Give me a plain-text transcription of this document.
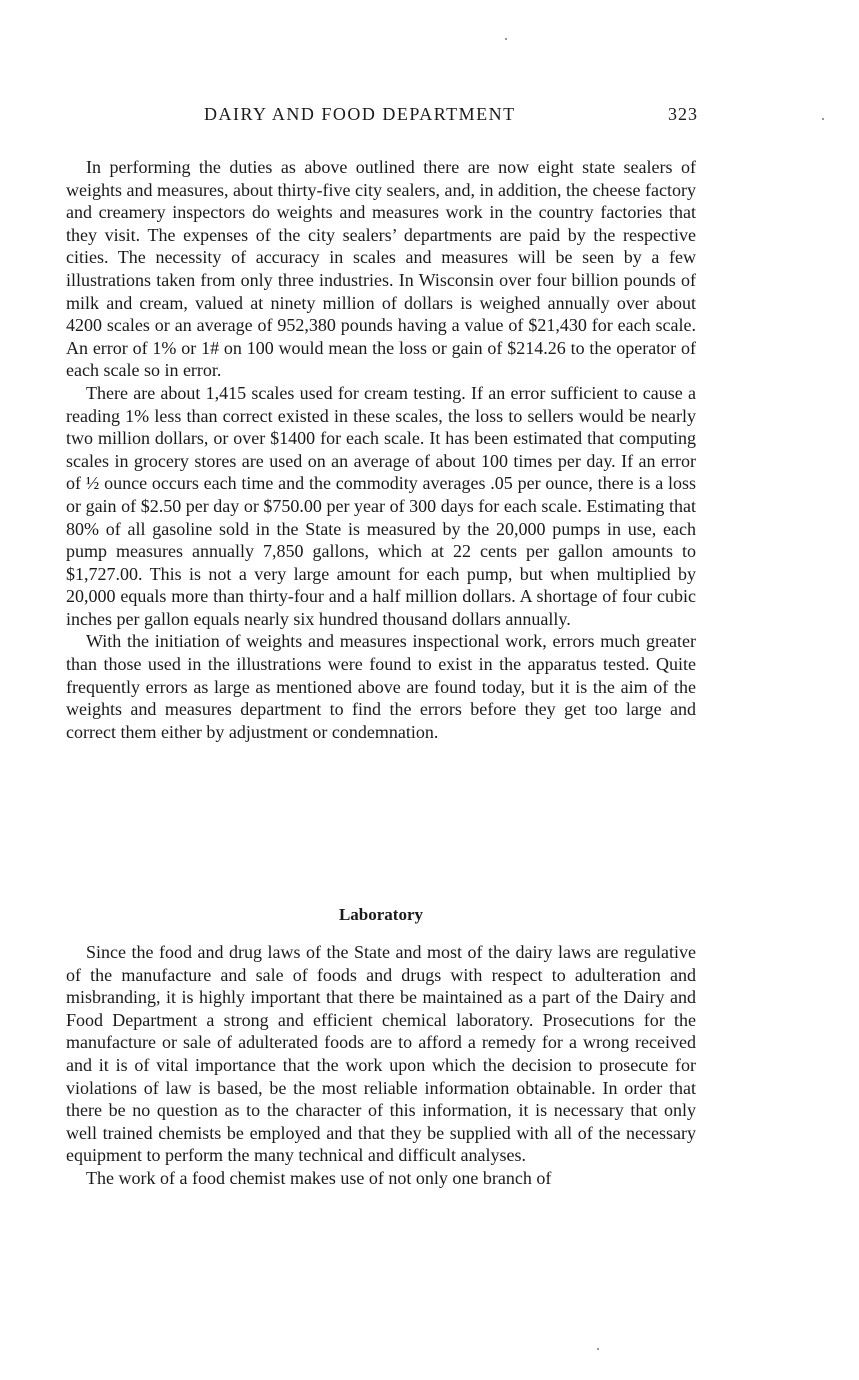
DAIRY AND FOOD DEPARTMENT	323

In performing the duties as above outlined there are now eight state sealers of weights and measures, about thirty-five city sealers, and, in addition, the cheese factory and creamery inspectors do weights and measures work in the country factories that they visit. The expenses of the city sealers’ departments are paid by the respective cities. The necessity of accuracy in scales and measures will be seen by a few illustrations taken from only three industries. In Wisconsin over four billion pounds of milk and cream, valued at ninety million of dollars is weighed annually over about 4200 scales or an average of 952,380 pounds having a value of $21,430 for each scale. An error of 1% or 1# on 100 would mean the loss or gain of $214.26 to the operator of each scale so in error.

There are about 1,415 scales used for cream testing. If an error sufficient to cause a reading 1% less than correct existed in these scales, the loss to sellers would be nearly two million dollars, or over $1400 for each scale. It has been estimated that computing scales in grocery stores are used on an average of about 100 times per day. If an error of ½ ounce occurs each time and the commodity averages .05 per ounce, there is a loss or gain of $2.50 per day or $750.00 per year of 300 days for each scale. Estimating that 80% of all gasoline sold in the State is measured by the 20,000 pumps in use, each pump measures annually 7,850 gallons, which at 22 cents per gallon amounts to $1,727.00. This is not a very large amount for each pump, but when multiplied by 20,000 equals more than thirty-four and a half million dollars. A shortage of four cubic inches per gallon equals nearly six hundred thousand dollars annually.

With the initiation of weights and measures inspectional work, errors much greater than those used in the illustrations were found to exist in the apparatus tested. Quite frequently errors as large as mentioned above are found today, but it is the aim of the weights and measures department to find the errors before they get too large and correct them either by adjustment or condemnation.

Laboratory

Since the food and drug laws of the State and most of the dairy laws are regulative of the manufacture and sale of foods and drugs with respect to adulteration and misbranding, it is highly important that there be maintained as a part of the Dairy and Food Department a strong and efficient chemical laboratory. Prosecutions for the manufacture or sale of adulterated foods are to afford a remedy for a wrong received and it is of vital importance that the work upon which the decision to prosecute for violations of law is based, be the most reliable information obtainable. In order that there be no question as to the character of this information, it is necessary that only well trained chemists be employed and that they be supplied with all of the necessary equipment to perform the many technical and difficult analyses.

The work of a food chemist makes use of not only one branch of
